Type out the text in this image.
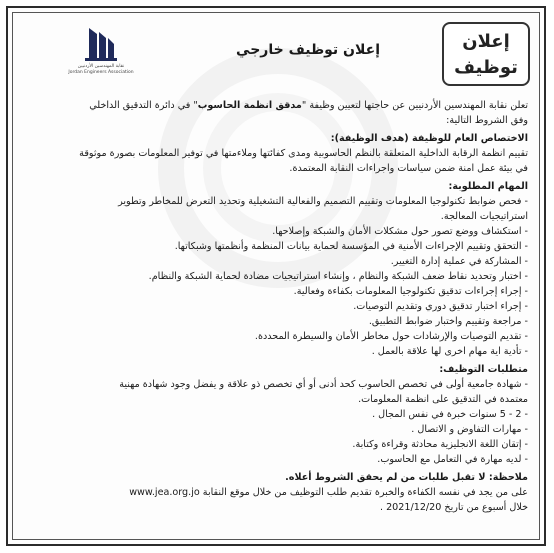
نقابة المهندسين الأردنيين
Jordan Engineers Association
إعلان توظيف خارجي	إعلان
توظيف

تعلن نقابة المهندسين الأردنيين عن حاجتها لتعيين وظيفة "مدقق انظمة الحاسوب" في دائرة التدقيق الداخلي

وفق الشروط التالية:

الاختصاص العام للوظيفة (هدف الوظيفة):

تقييم انظمة الرقابة الداخلية المتعلقة بالنظم الحاسوبية ومدى كفائتها وملاءمتها في توفير المعلومات بصورة موثوقة

في بيئة عمل امنة ضمن سياسات واجراءات النقابة المعتمدة.

المهام المطلوبة:

- فحص ضوابط تكنولوجيا المعلومات وتقييم التصميم والفعالية التشغيلية وتحديد التعرض للمخاطر وتطوير

استراتيجيات المعالجة.

- استكشاف ووضع تصور حول مشكلات الأمان والشبكة وإصلاحها.

- التحقق وتقييم الإجراءات الأمنية في المؤسسة لحماية بيانات المنظمة وأنظمتها وشبكاتها.

- المشاركة في عملية إدارة التغيير.

- اختبار وتحديد نقاط ضعف الشبكة والنظام ، وإنشاء استراتيجيات مضادة لحماية الشبكة والنظام.

- إجراء إجراءات تدقيق تكنولوجيا المعلومات بكفاءة وفعالية.

- إجراء اختبار تدقيق دوري وتقديم التوصيات.

- مراجعة وتقييم واختبار ضوابط التطبيق.

- تقديم التوصيات والإرشادات حول مخاطر الأمان والسيطرة المحددة.

- تأدية اية مهام اخرى لها علاقة بالعمل .

متطلبات التوظيف:

- شهادة جامعية أولى في تخصص الحاسوب كحد أدنى أو أي تخصص ذو علاقة و يفضل وجود شهادة مهنية

معتمدة في التدقيق على انظمة المعلومات.

- 2 - 5 سنوات خبرة في نفس المجال .

- مهارات التفاوض و الاتصال .

- إتقان اللغة الانجليزية محادثة وقراءة وكتابة.

- لديه مهارة في التعامل مع الحاسوب.

ملاحظة: لا تقبل طلبات من لم يحقق الشروط أعلاه.

على من يجد في نفسه الكفاءة والخبرة تقديم طلب التوظيف من خلال موقع النقابة www.jea.org.jo

خلال أسبوع من تاريخ 2021/12/20 .
